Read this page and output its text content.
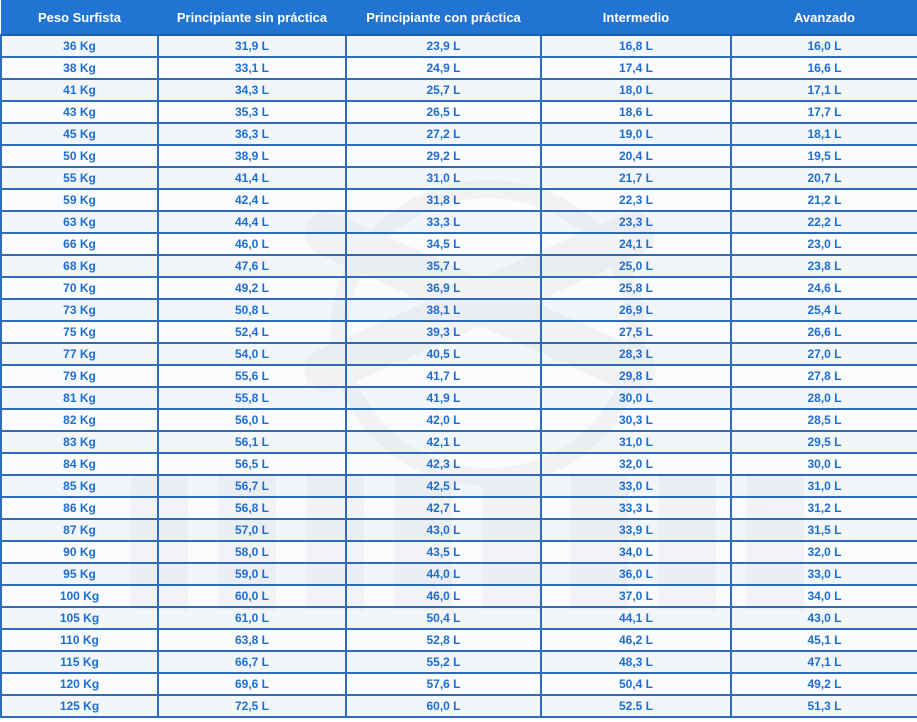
Peso Surfista	Principiante sin práctica	Principiante con práctica	Intermedio	Avanzado
36 Kg	31,9 L	23,9 L	16,8 L	16,0 L
38 Kg	33,1 L	24,9 L	17,4 L	16,6 L
41 Kg	34,3 L	25,7 L	18,0 L	17,1 L
43 Kg	35,3 L	26,5 L	18,6 L	17,7 L
45 Kg	36,3 L	27,2 L	19,0 L	18,1 L
50 Kg	38,9 L	29,2 L	20,4 L	19,5 L
55 Kg	41,4 L	31,0 L	21,7 L	20,7 L
59 Kg	42,4 L	31,8 L	22,3 L	21,2 L
63 Kg	44,4 L	33,3 L	23,3 L	22,2 L
66 Kg	46,0 L	34,5 L	24,1 L	23,0 L
68 Kg	47,6 L	35,7 L	25,0 L	23,8 L
70 Kg	49,2 L	36,9 L	25,8 L	24,6 L
73 Kg	50,8 L	38,1 L	26,9 L	25,4 L
75 Kg	52,4 L	39,3 L	27,5 L	26,6 L
77 Kg	54,0 L	40,5 L	28,3 L	27,0 L
79 Kg	55,6 L	41,7 L	29,8 L	27,8 L
81 Kg	55,8 L	41,9 L	30,0 L	28,0 L
82 Kg	56,0 L	42,0 L	30,3 L	28,5 L
83 Kg	56,1 L	42,1 L	31,0 L	29,5 L
84 Kg	56,5 L	42,3 L	32,0 L	30,0 L
85 Kg	56,7 L	42,5 L	33,0 L	31,0 L
86 Kg	56,8 L	42,7 L	33,3 L	31,2 L
87 Kg	57,0 L	43,0 L	33,9 L	31,5 L
90 Kg	58,0 L	43,5 L	34,0 L	32,0 L
95 Kg	59,0 L	44,0 L	36,0 L	33,0 L
100 Kg	60,0 L	46,0 L	37,0 L	34,0 L
105 Kg	61,0 L	50,4 L	44,1 L	43,0 L
110 Kg	63,8 L	52,8 L	46,2 L	45,1 L
115 Kg	66,7 L	55,2 L	48,3 L	47,1 L
120 Kg	69,6 L	57,6 L	50,4 L	49,2 L
125 Kg	72,5 L	60,0 L	52.5 L	51,3 L
